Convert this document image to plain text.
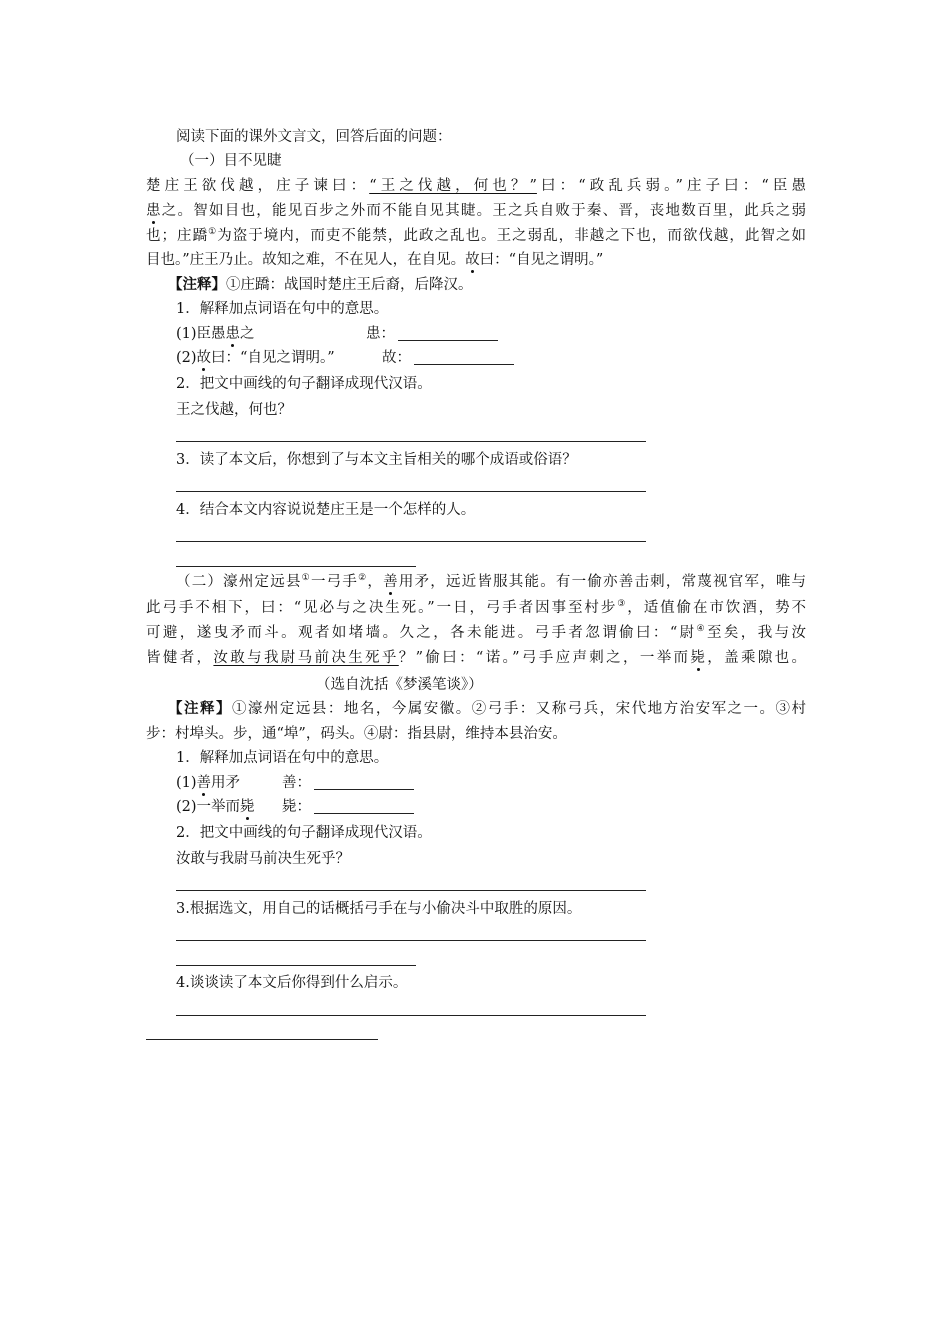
阅读下面的课外文言文，回答后面的问题：
（一）目不见睫
楚庄王欲伐越，庄子谏曰：“王之伐越，何也？”曰：“政乱兵弱。”庄子曰：“臣愚
患之。智如目也，能见百步之外而不能自见其睫。王之兵自败于秦、晋，丧地数百里，此兵之弱
也；庄蹻①为盗于境内，而吏不能禁，此政之乱也。王之弱乱，非越之下也，而欲伐越，此智之如
目也。”庄王乃止。故知之难，不在见人，在自见。故曰：“自见之谓明。”
【注释】①庄蹻：战国时楚庄王后裔，后降汉。
1．解释加点词语在句中的意思。
(1)臣愚患之	患：
(2)故曰：“自见之谓明。”	故：
2．把文中画线的句子翻译成现代汉语。
王之伐越，何也？
3．读了本文后，你想到了与本文主旨相关的哪个成语或俗语？
4．结合本文内容说说楚庄王是一个怎样的人。
（二）濠州定远县①一弓手②，善用矛，远近皆服其能。有一偷亦善击刺，常蔑视官军，唯与
此弓手不相下，曰：“见必与之决生死。”一日，弓手者因事至村步③，适值偷在市饮酒，势不
可避，遂曳矛而斗。观者如堵墙。久之，各未能进。弓手者忽谓偷曰：“尉④至矣，我与汝
皆健者，汝敢与我尉马前决生死乎？”偷曰：“诺。”弓手应声刺之，一举而毙，盖乘隙也。
（选自沈括《梦溪笔谈》）
【注释】①濠州定远县：地名，今属安徽。②弓手：又称弓兵，宋代地方治安军之一。③村
步：村埠头。步，通“埠”，码头。④尉：指县尉，维持本县治安。
1．解释加点词语在句中的意思。
(1)善用矛	善：
(2)一举而毙 毙：
2．把文中画线的句子翻译成现代汉语。
汝敢与我尉马前决生死乎？
3.根据选文，用自己的话概括弓手在与小偷决斗中取胜的原因。
4.谈谈读了本文后你得到什么启示。
